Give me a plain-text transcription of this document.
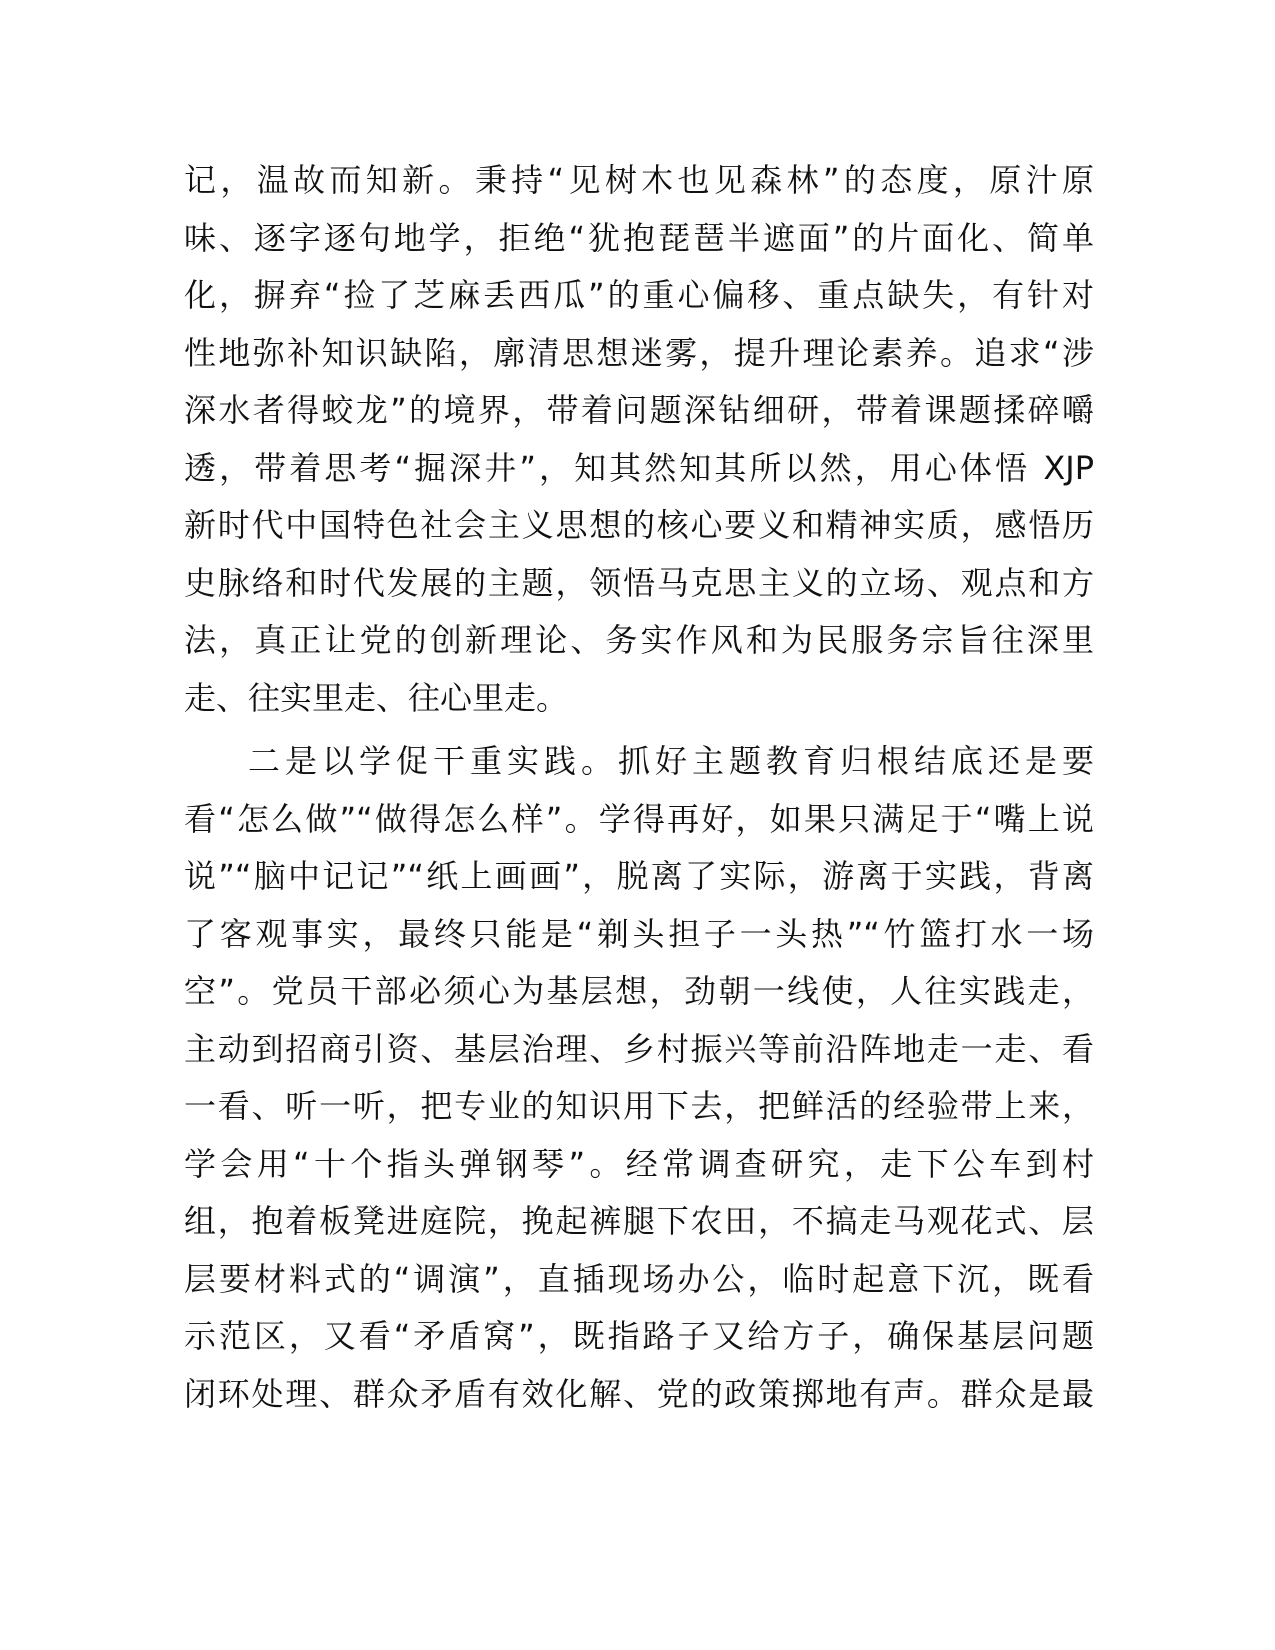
记，温故而知新。秉持“见树木也见森林”的态度，原汁原
味、逐字逐句地学，拒绝“犹抱琵琶半遮面”的片面化、简单
化，摒弃“捡了芝麻丢西瓜”的重心偏移、重点缺失，有针对
性地弥补知识缺陷，廓清思想迷雾，提升理论素养。追求“涉
深水者得蛟龙”的境界，带着问题深钻细研，带着课题揉碎嚼
透，带着思考“掘深井”，知其然知其所以然，用心体悟 XJP
新时代中国特色社会主义思想的核心要义和精神实质，感悟历
史脉络和时代发展的主题，领悟马克思主义的立场、观点和方
法，真正让党的创新理论、务实作风和为民服务宗旨往深里
走、往实里走、往心里走。
二是以学促干重实践。抓好主题教育归根结底还是要
看“怎么做”“做得怎么样”。学得再好，如果只满足于“嘴上说
说”“脑中记记”“纸上画画”，脱离了实际，游离于实践，背离
了客观事实，最终只能是“剃头担子一头热”“竹篮打水一场
空”。党员干部必须心为基层想，劲朝一线使，人往实践走，
主动到招商引资、基层治理、乡村振兴等前沿阵地走一走、看
一看、听一听，把专业的知识用下去，把鲜活的经验带上来，
学会用“十个指头弹钢琴”。经常调查研究，走下公车到村
组，抱着板凳进庭院，挽起裤腿下农田，不搞走马观花式、层
层要材料式的“调演”，直插现场办公，临时起意下沉，既看
示范区，又看“矛盾窝”，既指路子又给方子，确保基层问题
闭环处理、群众矛盾有效化解、党的政策掷地有声。群众是最
